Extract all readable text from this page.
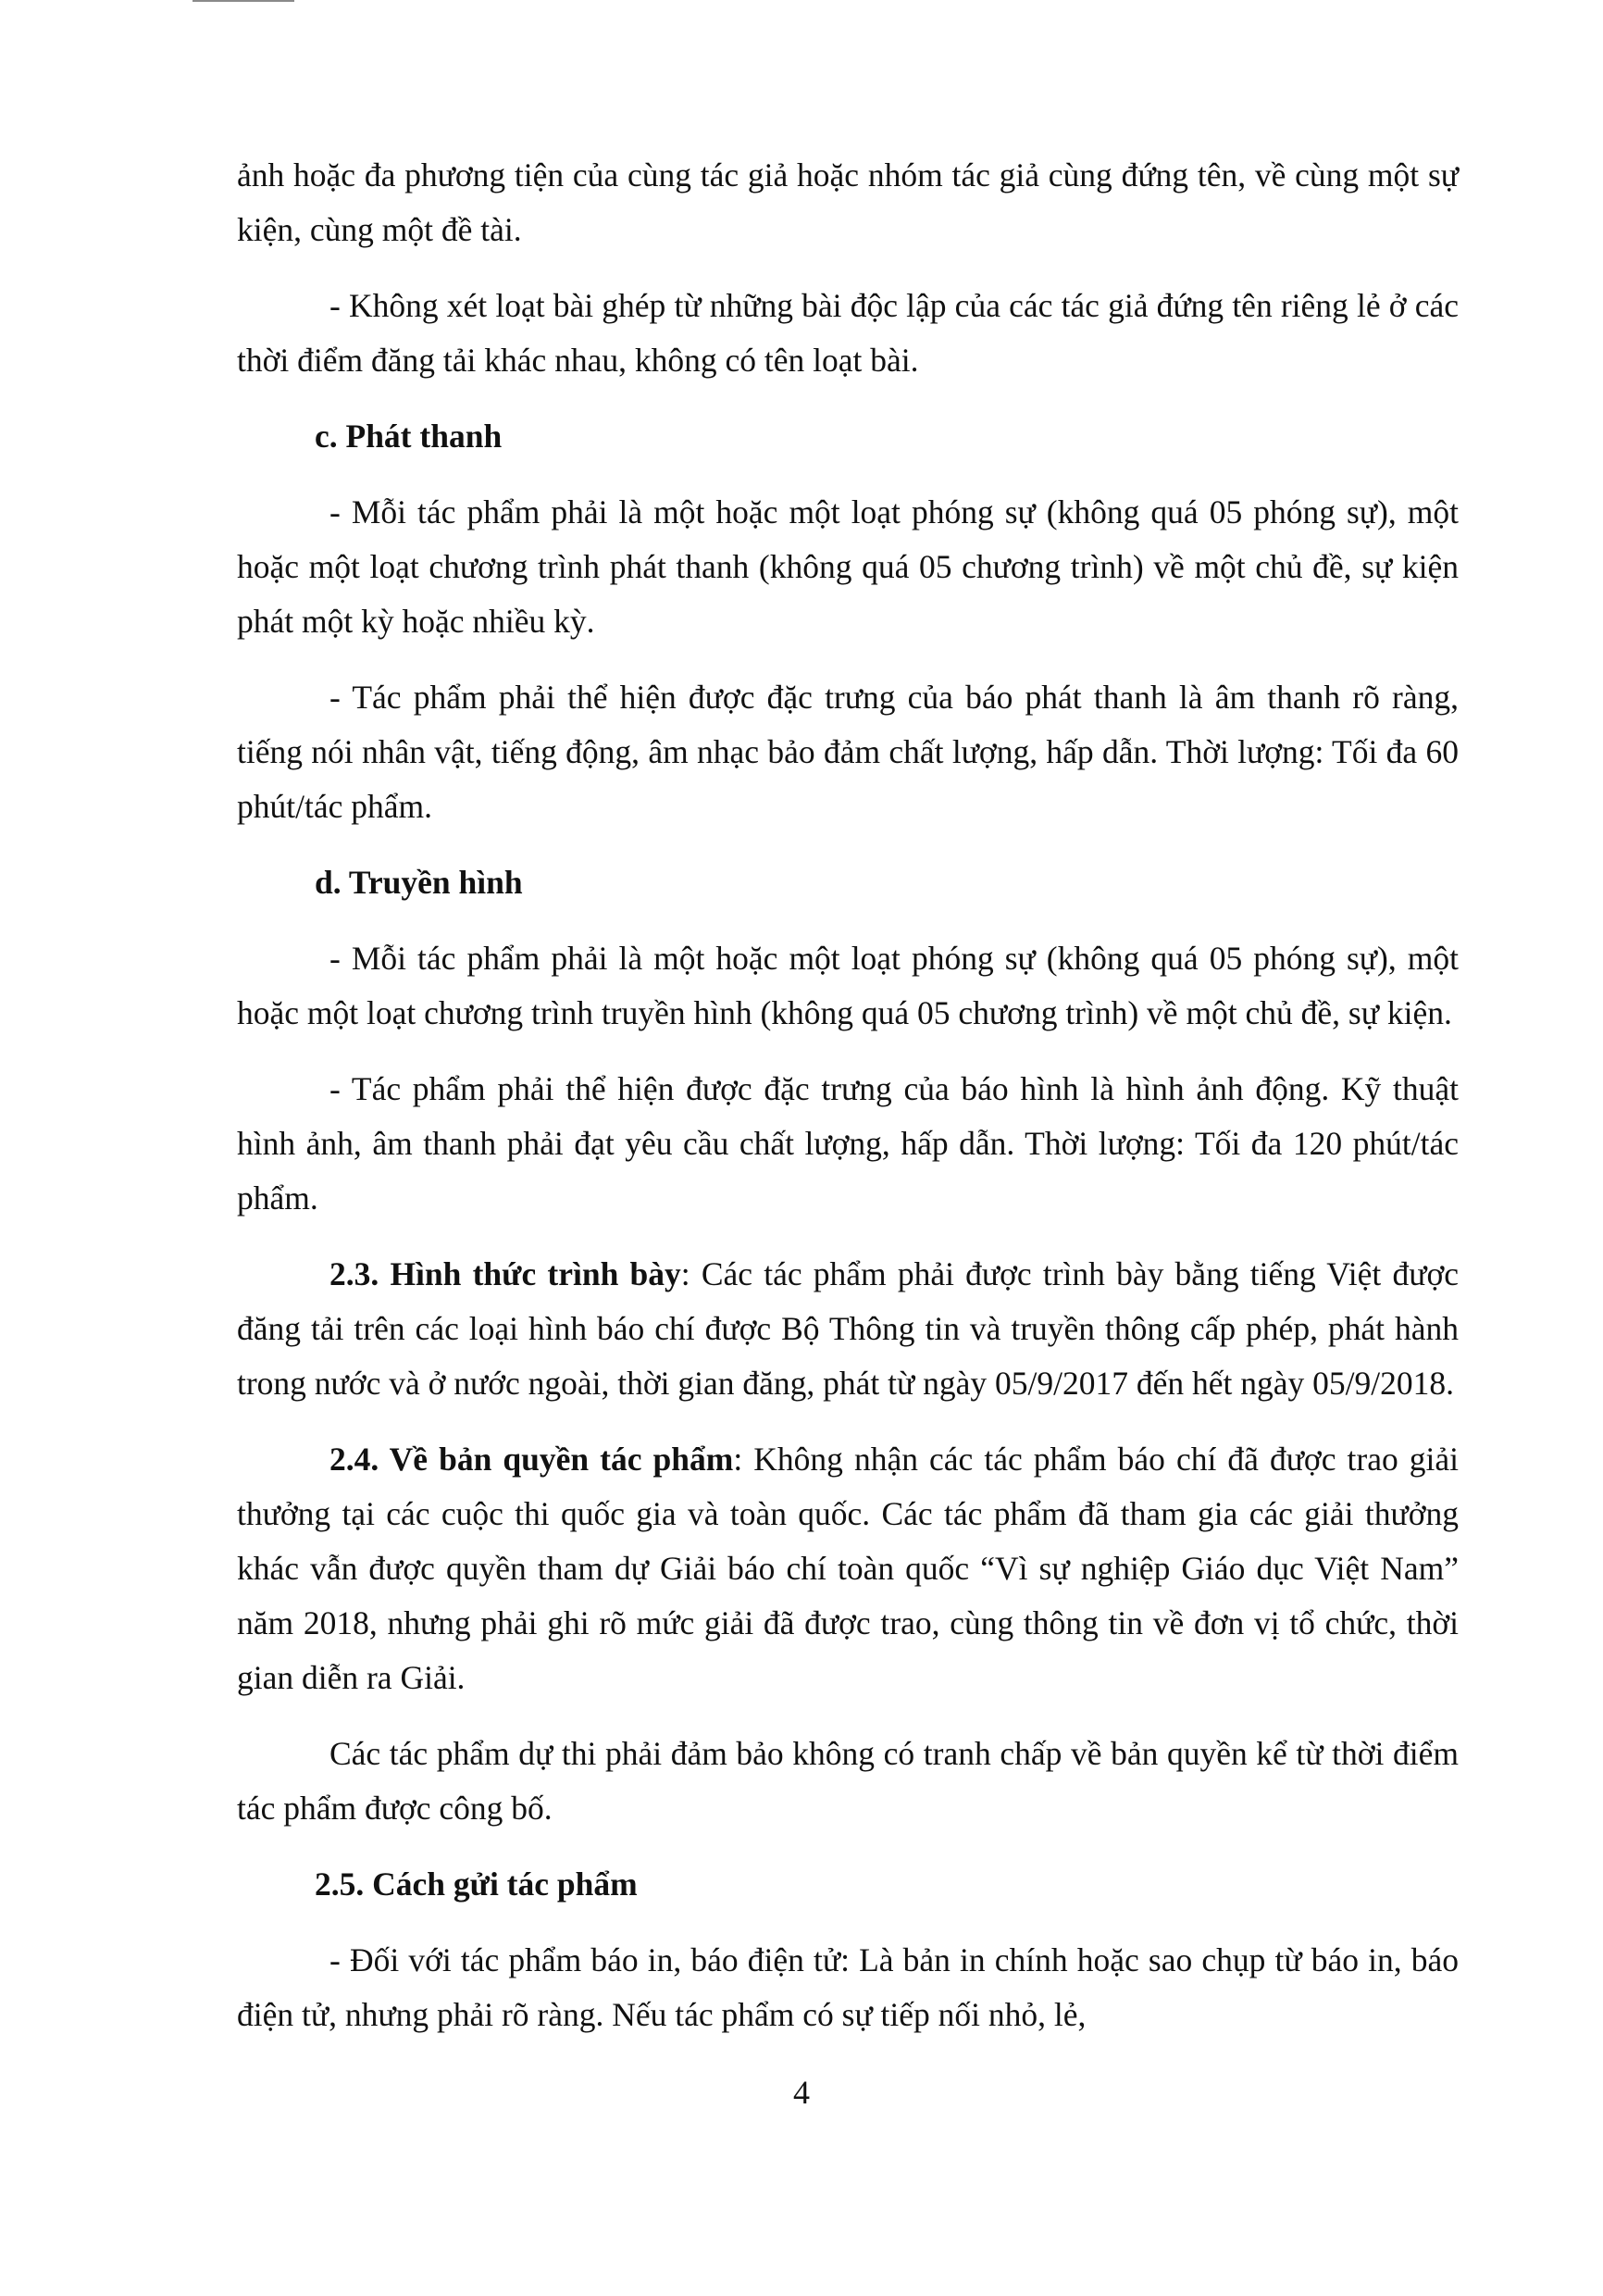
ảnh hoặc đa phương tiện của cùng tác giả hoặc nhóm tác giả cùng đứng tên, về cùng một sự kiện, cùng một đề tài.

- Không xét loạt bài ghép từ những bài độc lập của các tác giả đứng tên riêng lẻ ở các thời điểm đăng tải khác nhau, không có tên loạt bài.

c. Phát thanh

- Mỗi tác phẩm phải là một hoặc một loạt phóng sự (không quá 05 phóng sự), một hoặc một loạt chương trình phát thanh (không quá 05 chương trình) về một chủ đề, sự kiện phát một kỳ hoặc nhiều kỳ.

- Tác phẩm phải thể hiện được đặc trưng của báo phát thanh là âm thanh rõ ràng, tiếng nói nhân vật, tiếng động, âm nhạc bảo đảm chất lượng, hấp dẫn. Thời lượng: Tối đa 60 phút/tác phẩm.

d. Truyền hình

- Mỗi tác phẩm phải là một hoặc một loạt phóng sự (không quá 05 phóng sự), một hoặc một loạt chương trình truyền hình (không quá 05 chương trình) về một chủ đề, sự kiện.

- Tác phẩm phải thể hiện được đặc trưng của báo hình là hình ảnh động. Kỹ thuật hình ảnh, âm thanh phải đạt yêu cầu chất lượng, hấp dẫn. Thời lượng: Tối đa 120 phút/tác phẩm.

2.3. Hình thức trình bày: Các tác phẩm phải được trình bày bằng tiếng Việt được đăng tải trên các loại hình báo chí được Bộ Thông tin và truyền thông cấp phép, phát hành trong nước và ở nước ngoài, thời gian đăng, phát từ ngày 05/9/2017 đến hết ngày 05/9/2018.

2.4. Về bản quyền tác phẩm: Không nhận các tác phẩm báo chí đã được trao giải thưởng tại các cuộc thi quốc gia và toàn quốc. Các tác phẩm đã tham gia các giải thưởng khác vẫn được quyền tham dự Giải báo chí toàn quốc “Vì sự nghiệp Giáo dục Việt Nam” năm 2018, nhưng phải ghi rõ mức giải đã được trao, cùng thông tin về đơn vị tổ chức, thời gian diễn ra Giải.

Các tác phẩm dự thi phải đảm bảo không có tranh chấp về bản quyền kể từ thời điểm tác phẩm được công bố.

2.5. Cách gửi tác phẩm

- Đối với tác phẩm báo in, báo điện tử: Là bản in chính hoặc sao chụp từ báo in, báo điện tử, nhưng phải rõ ràng. Nếu tác phẩm có sự tiếp nối nhỏ, lẻ,

4
